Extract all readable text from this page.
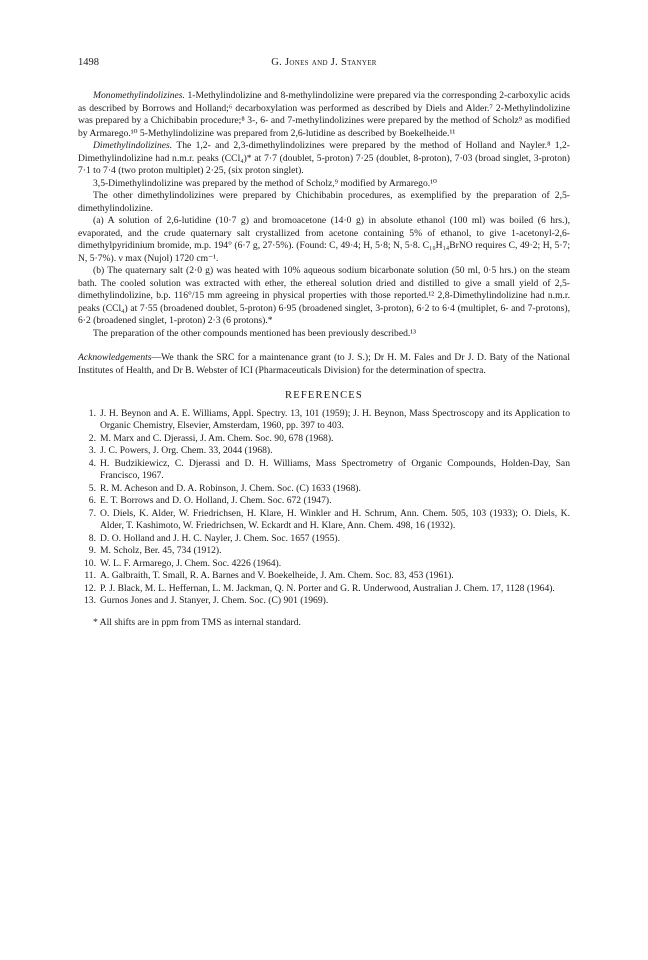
1498	G. Jones and J. Stanyer

Monomethylindolizines. 1-Methylindolizine and 8-methylindolizine were prepared via the corresponding 2-carboxylic acids as described by Borrows and Holland;⁶ decarboxylation was performed as described by Diels and Alder.⁷ 2-Methylindolizine was prepared by a Chichibabin procedure;⁸ 3-, 6- and 7-methylindolizines were prepared by the method of Scholz⁹ as modified by Armarego.¹⁰ 5-Methylindolizine was prepared from 2,6-lutidine as described by Boekelheide.¹¹

Dimethylindolizines. The 1,2- and 2,3-dimethylindolizines were prepared by the method of Holland and Nayler.⁸ 1,2-Dimethylindolizine had n.m.r. peaks (CCl₄)* at 7·7 (doublet, 5-proton) 7·25 (doublet, 8-proton), 7·03 (broad singlet, 3-proton) 7·1 to 7·4 (two proton multiplet) 2·25, (six proton singlet).

3,5-Dimethylindolizine was prepared by the method of Scholz,⁹ modified by Armarego.¹⁰

The other dimethylindolizines were prepared by Chichibabin procedures, as exemplified by the preparation of 2,5-dimethylindolizine.

(a) A solution of 2,6-lutidine (10·7 g) and bromoacetone (14·0 g) in absolute ethanol (100 ml) was boiled (6 hrs.), evaporated, and the crude quaternary salt crystallized from acetone containing 5% of ethanol, to give 1-acetonyl-2,6-dimethylpyridinium bromide, m.p. 194° (6·7 g, 27·5%). (Found: C, 49·4; H, 5·8; N, 5·8. C₁₀H₁₄BrNO requires C, 49·2; H, 5·7; N, 5·7%). ν max (Nujol) 1720 cm⁻¹.

(b) The quaternary salt (2·0 g) was heated with 10% aqueous sodium bicarbonate solution (50 ml, 0·5 hrs.) on the steam bath. The cooled solution was extracted with ether, the ethereal solution dried and distilled to give a small yield of 2,5-dimethylindolizine, b.p. 116°/15 mm agreeing in physical properties with those reported.¹² 2,8-Dimethylindolizine had n.m.r. peaks (CCl₄) at 7·55 (broadened doublet, 5-proton) 6·95 (broadened singlet, 3-proton), 6·2 to 6·4 (multiplet, 6- and 7-protons), 6·2 (broadened singlet, 1-proton) 2·3 (6 protons).*

The preparation of the other compounds mentioned has been previously described.¹³

Acknowledgements—We thank the SRC for a maintenance grant (to J. S.); Dr H. M. Fales and Dr J. D. Baty of the National Institutes of Health, and Dr B. Webster of ICI (Pharmaceuticals Division) for the determination of spectra.

REFERENCES

1. J. H. Beynon and A. E. Williams, Appl. Spectry. 13, 101 (1959); J. H. Beynon, Mass Spectroscopy and its Application to Organic Chemistry, Elsevier, Amsterdam, 1960, pp. 397 to 403.
2. M. Marx and C. Djerassi, J. Am. Chem. Soc. 90, 678 (1968).
3. J. C. Powers, J. Org. Chem. 33, 2044 (1968).
4. H. Budzikiewicz, C. Djerassi and D. H. Williams, Mass Spectrometry of Organic Compounds, Holden-Day, San Francisco, 1967.
5. R. M. Acheson and D. A. Robinson, J. Chem. Soc. (C) 1633 (1968).
6. E. T. Borrows and D. O. Holland, J. Chem. Soc. 672 (1947).
7. O. Diels, K. Alder, W. Friedrichsen, H. Klare, H. Winkler and H. Schrum, Ann. Chem. 505, 103 (1933); O. Diels, K. Alder, T. Kashimoto, W. Friedrichsen, W. Eckardt and H. Klare, Ann. Chem. 498, 16 (1932).
8. D. O. Holland and J. H. C. Nayler, J. Chem. Soc. 1657 (1955).
9. M. Scholz, Ber. 45, 734 (1912).
10. W. L. F. Armarego, J. Chem. Soc. 4226 (1964).
11. A. Galbraith, T. Small, R. A. Barnes and V. Boekelheide, J. Am. Chem. Soc. 83, 453 (1961).
12. P. J. Black, M. L. Heffernan, L. M. Jackman, Q. N. Porter and G. R. Underwood, Australian J. Chem. 17, 1128 (1964).
13. Gurnos Jones and J. Stanyer, J. Chem. Soc. (C) 901 (1969).

* All shifts are in ppm from TMS as internal standard.
